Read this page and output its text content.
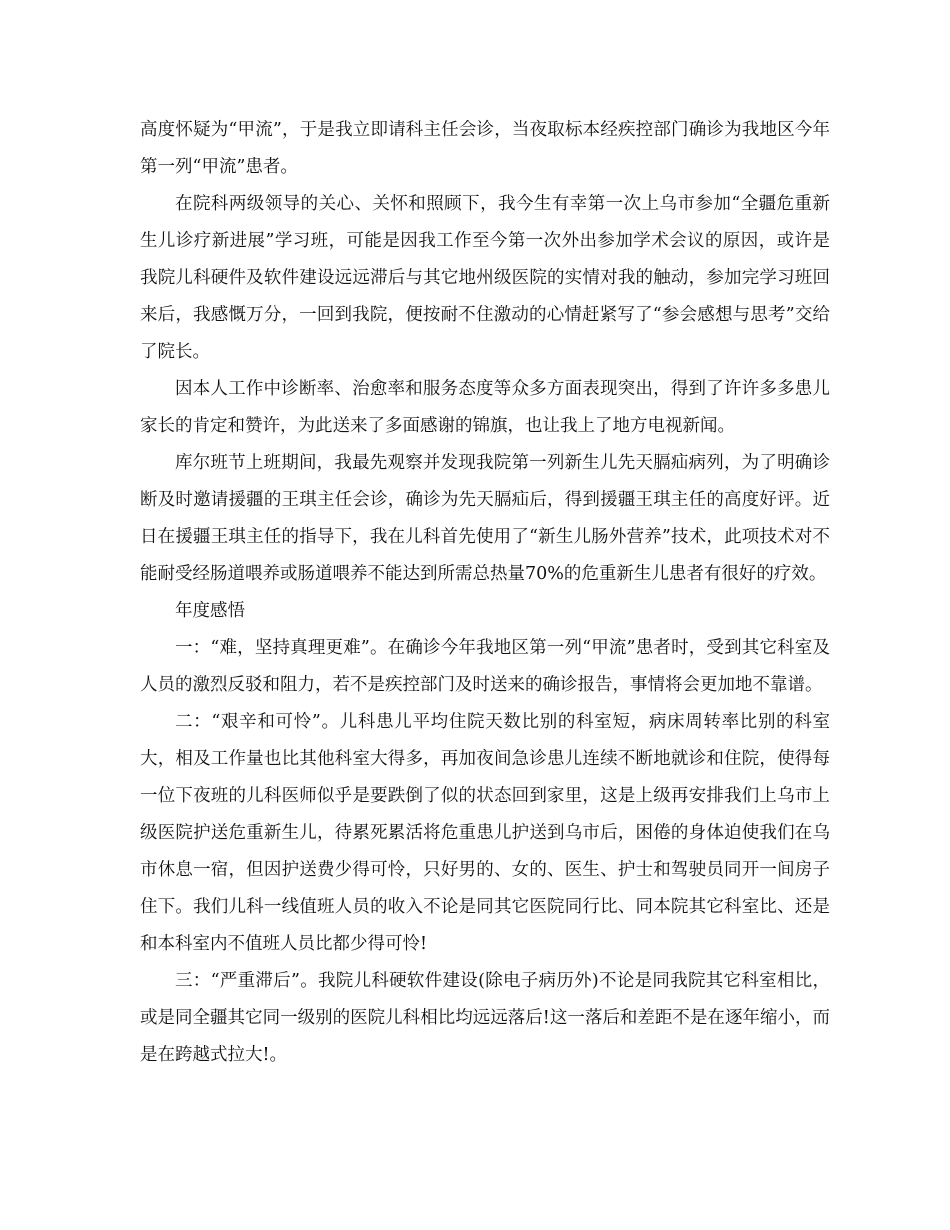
高度怀疑为“甲流”，于是我立即请科主任会诊，当夜取标本经疾控部门确诊为我地区今年第一列“甲流”患者。

在院科两级领导的关心、关怀和照顾下，我今生有幸第一次上乌市参加“全疆危重新生儿诊疗新进展”学习班，可能是因我工作至今第一次外出参加学术会议的原因，或许是我院儿科硬件及软件建设远远滞后与其它地州级医院的实情对我的触动，参加完学习班回来后，我感慨万分，一回到我院，便按耐不住激动的心情赶紧写了“参会感想与思考”交给了院长。

因本人工作中诊断率、治愈率和服务态度等众多方面表现突出，得到了许许多多患儿家长的肯定和赞许，为此送来了多面感谢的锦旗，也让我上了地方电视新闻。

库尔班节上班期间，我最先观察并发现我院第一列新生儿先天膈疝病列，为了明确诊断及时邀请援疆的王琪主任会诊，确诊为先天膈疝后，得到援疆王琪主任的高度好评。近日在援疆王琪主任的指导下，我在儿科首先使用了“新生儿肠外营养”技术，此项技术对不能耐受经肠道喂养或肠道喂养不能达到所需总热量70%的危重新生儿患者有很好的疗效。

年度感悟

一：“难，坚持真理更难”。在确诊今年我地区第一列“甲流”患者时，受到其它科室及人员的激烈反驳和阻力，若不是疾控部门及时送来的确诊报告，事情将会更加地不靠谱。

二：“艰辛和可怜”。儿科患儿平均住院天数比别的科室短，病床周转率比别的科室大，相及工作量也比其他科室大得多，再加夜间急诊患儿连续不断地就诊和住院，使得每一位下夜班的儿科医师似乎是要跌倒了似的状态回到家里，这是上级再安排我们上乌市上级医院护送危重新生儿，待累死累活将危重患儿护送到乌市后，困倦的身体迫使我们在乌市休息一宿，但因护送费少得可怜，只好男的、女的、医生、护士和驾驶员同开一间房子住下。我们儿科一线值班人员的收入不论是同其它医院同行比、同本院其它科室比、还是和本科室内不值班人员比都少得可怜!

三：“严重滞后”。我院儿科硬软件建设(除电子病历外)不论是同我院其它科室相比，或是同全疆其它同一级别的医院儿科相比均远远落后!这一落后和差距不是在逐年缩小，而是在跨越式拉大!。
